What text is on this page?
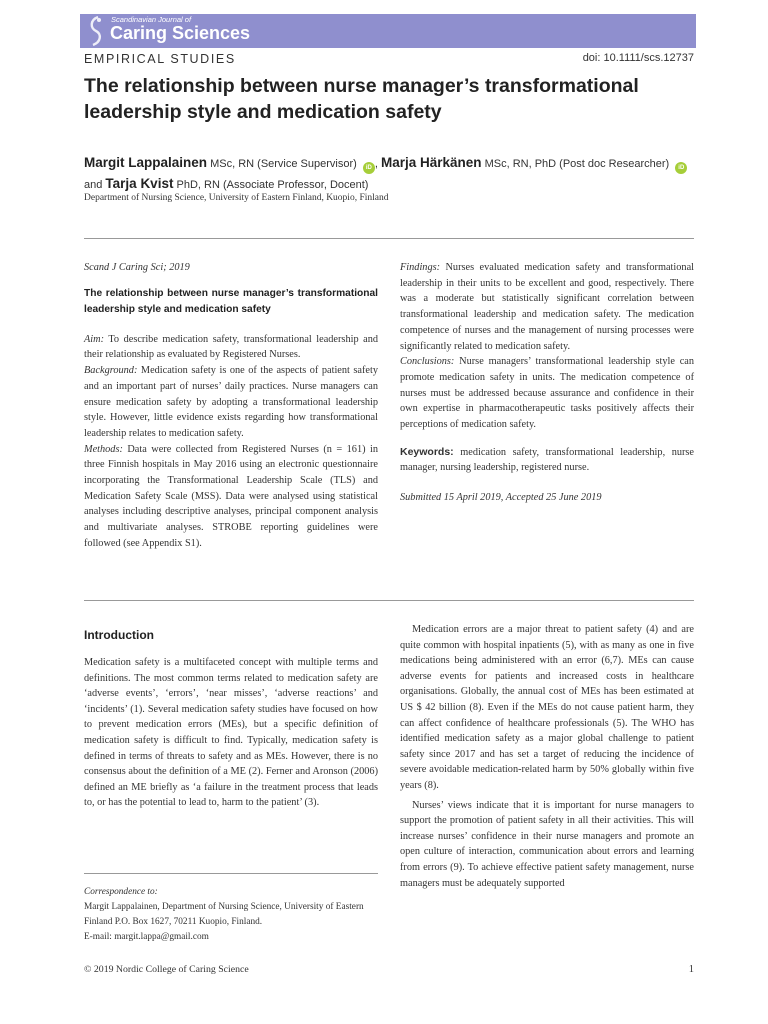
Scandinavian Journal of
Caring Sciences
EMPIRICAL STUDIES	doi: 10.1111/scs.12737
The relationship between nurse manager’s transformational leadership style and medication safety
Margit Lappalainen MSc, RN (Service Supervisor) iD , Marja Härkänen MSc, RN, PhD (Post doc Researcher) iD
and Tarja Kvist PhD, RN (Associate Professor, Docent)
Department of Nursing Science, University of Eastern Finland, Kuopio, Finland
Scand J Caring Sci; 2019
The relationship between nurse manager’s transformational leadership style and medication safety
Aim: To describe medication safety, transformational leadership and their relationship as evaluated by Registered Nurses.
Background: Medication safety is one of the aspects of patient safety and an important part of nurses’ daily practices. Nurse managers can ensure medication safety by adopting a transformational leadership style. However, little evidence exists regarding how transformational leadership relates to medication safety.
Methods: Data were collected from Registered Nurses (n = 161) in three Finnish hospitals in May 2016 using an electronic questionnaire incorporating the Transformational Leadership Scale (TLS) and Medication Safety Scale (MSS). Data were analysed using statistical analyses including descriptive analyses, principal component analysis and multivariate analyses. STROBE reporting guidelines were followed (see Appendix S1).
Findings: Nurses evaluated medication safety and transformational leadership in their units to be excellent and good, respectively. There was a moderate but statistically significant correlation between transformational leadership and medication safety. The medication competence of nurses and the management of nursing processes were significantly related to medication safety.
Conclusions: Nurse managers’ transformational leadership style can promote medication safety in units. The medication competence of nurses must be addressed because assurance and confidence in their own expertise in pharmacotherapeutic tasks positively affects their perceptions of medication safety.
Keywords: medication safety, transformational leadership, nurse manager, nursing leadership, registered nurse.
Submitted 15 April 2019, Accepted 25 June 2019
Introduction

Medication safety is a multifaceted concept with multiple terms and definitions. The most common terms related to medication safety are ‘adverse events’, ‘errors’, ‘near misses’, ‘adverse reactions’ and ‘incidents’ (1). Several medication safety studies have focused on how to prevent medication errors (MEs), but a specific definition of medication safety is difficult to find. Typically, medication safety is defined in terms of threats to safety and as MEs. However, there is no consensus about the definition of a ME (2). Ferner and Aronson (2006) defined an ME briefly as ‘a failure in the treatment process that leads to, or has the potential to lead to, harm to the patient’ (3).

Medication errors are a major threat to patient safety (4) and are quite common with hospital inpatients (5), with as many as one in five medications being administered with an error (6,7). MEs can cause adverse events for patients and increased costs in healthcare organisations. Globally, the annual cost of MEs has been estimated at US $ 42 billion (8). Even if the MEs do not cause patient harm, they can affect confidence of healthcare professionals (5). The WHO has identified medication safety as a major global challenge to patient safety since 2017 and has set a target of reducing the incidence of severe avoidable medication-related harm by 50% globally within five years (8).

Nurses’ views indicate that it is important for nurse managers to support the promotion of patient safety in all their activities. This will increase nurses’ confidence in their nurse managers and promote an open culture of interaction, communication about errors and learning from errors (9). To achieve effective patient safety management, nurse managers must be adequately supported

Correspondence to:
Margit Lappalainen, Department of Nursing Science, University of Eastern Finland P.O. Box 1627, 70211 Kuopio, Finland.
E-mail: margit.lappa@gmail.com
© 2019 Nordic College of Caring Science	1
